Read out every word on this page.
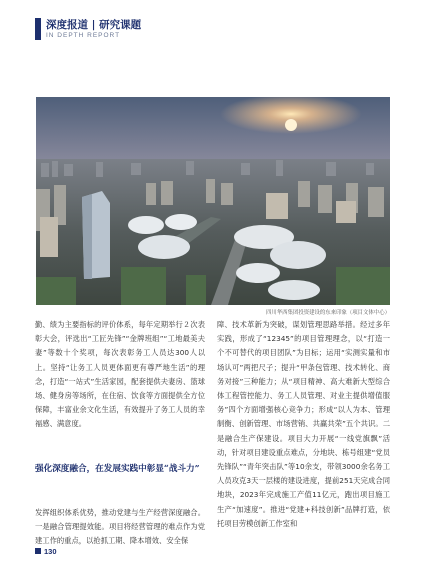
深度报道 | 研究课题
IN DEPTH REPORT
四川华西集团投资建设的东來印象（项目文体中心）

勤、绩为主要指标的评价体系，每年定期举行２次表彰大会，评选出“工匠先锋”“金牌班组”“工地最美夫妻”等数十个奖项，每次表彰务工人员达300人以上。坚持“让务工人员更体面更有尊严地生活”的理念，打造“一站式”生活家园，配套提供夫妻房、篮球场、健身房等场所，在住宿、饮食等方面提供全方位保障，丰富业余文化生活，有效提升了务工人员的幸福感、满意度。

强化深度融合，在发展实践中彰显“战斗力”

发挥组织体系优势，推动党建与生产经营深度融合。一是融合管理提效能。项目将经营管理的难点作为党建工作的重点，以抢抓工期、降本增效、安全保

障、技术革新为突破，谋划管理思路举措。经过多年实践，形成了“12345”的项目管理理念，以“打造一个不可替代的项目团队”为目标；运用“实测实量和市场认可”两把尺子；提升“甲条包管理、技术转化、商务对接”三种能力；从“项目精神、高大难新大型综合体工程管控能力、务工人员管理、对业主提供增值服务”四个方面增强核心竞争力；形成“以人为本、管理制衡、创新管理、市场营销、共赢共荣”五个共识。二是融合生产保建设。项目大力开展“一线党旗飘”活动，针对项目建设重点难点，分地块、栋号组建“党员先锋队”“青年突击队”等10余支，带领3000余名务工人员攻克3天一层楼的建设进度，提前251天完成合同地块，2023年完成施工产值11亿元，跑出项目施工生产“加速度”。推进“党建+科技创新”品牌打造，依托项目劳模创新工作室和

130
